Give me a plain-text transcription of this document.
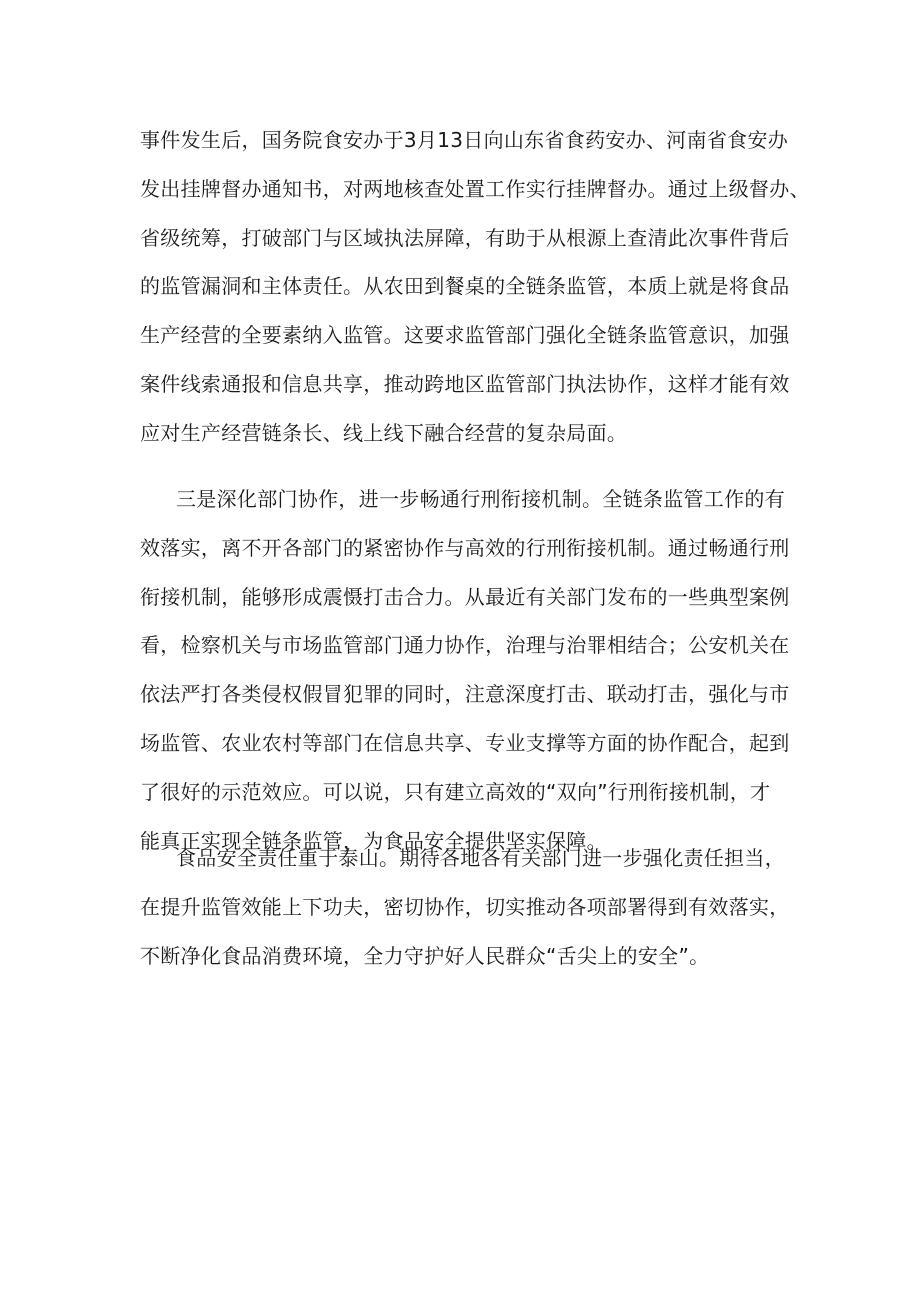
事件发生后，国务院食安办于3月13日向山东省食药安办、河南省食安办
发出挂牌督办通知书，对两地核查处置工作实行挂牌督办。通过上级督办、
省级统筹，打破部门与区域执法屏障，有助于从根源上查清此次事件背后
的监管漏洞和主体责任。从农田到餐桌的全链条监管，本质上就是将食品
生产经营的全要素纳入监管。这要求监管部门强化全链条监管意识，加强
案件线索通报和信息共享，推动跨地区监管部门执法协作，这样才能有效
应对生产经营链条长、线上线下融合经营的复杂局面。
三是深化部门协作，进一步畅通行刑衔接机制。全链条监管工作的有
效落实，离不开各部门的紧密协作与高效的行刑衔接机制。通过畅通行刑
衔接机制，能够形成震慑打击合力。从最近有关部门发布的一些典型案例
看，检察机关与市场监管部门通力协作，治理与治罪相结合；公安机关在
依法严打各类侵权假冒犯罪的同时，注意深度打击、联动打击，强化与市
场监管、农业农村等部门在信息共享、专业支撑等方面的协作配合，起到
了很好的示范效应。可以说，只有建立高效的“双向”行刑衔接机制，才
能真正实现全链条监管，为食品安全提供坚实保障。
食品安全责任重于泰山。期待各地各有关部门进一步强化责任担当，
在提升监管效能上下功夫，密切协作，切实推动各项部署得到有效落实，
不断净化食品消费环境，全力守护好人民群众“舌尖上的安全”。
